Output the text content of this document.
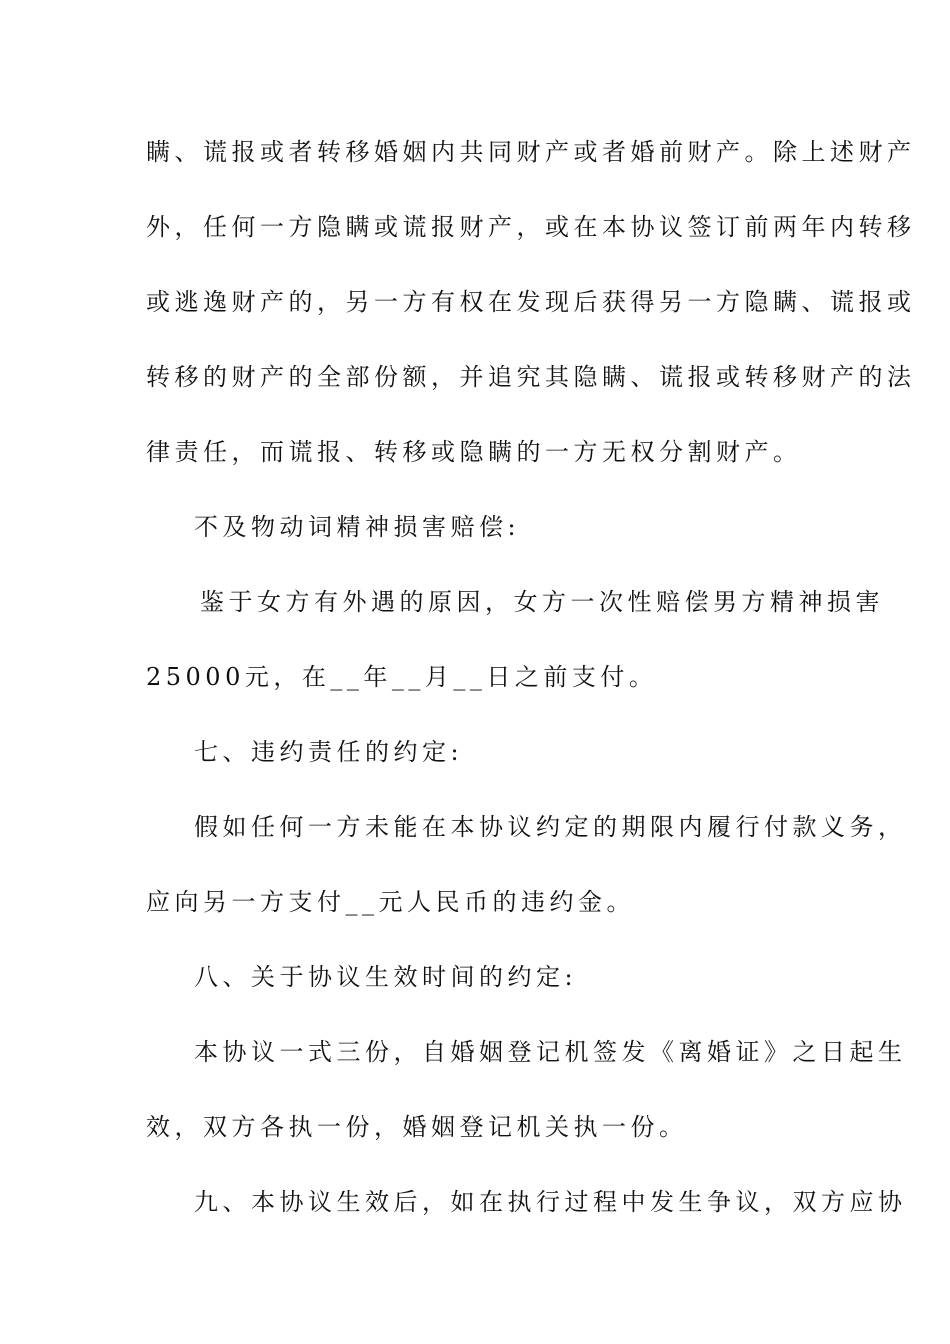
瞒、谎报或者转移婚姻内共同财产或者婚前财产。除上述财产
外，任何一方隐瞒或谎报财产，或在本协议签订前两年内转移
或逃逸财产的，另一方有权在发现后获得另一方隐瞒、谎报或
转移的财产的全部份额，并追究其隐瞒、谎报或转移财产的法
律责任，而谎报、转移或隐瞒的一方无权分割财产。
不及物动词精神损害赔偿:
鉴于女方有外遇的原因，女方一次性赔偿男方精神损害
25000元，在__年__月__日之前支付。
七、违约责任的约定:
假如任何一方未能在本协议约定的期限内履行付款义务，
应向另一方支付__元人民币的违约金。
八、关于协议生效时间的约定:
本协议一式三份，自婚姻登记机签发《离婚证》之日起生
效，双方各执一份，婚姻登记机关执一份。
九、本协议生效后，如在执行过程中发生争议，双方应协
